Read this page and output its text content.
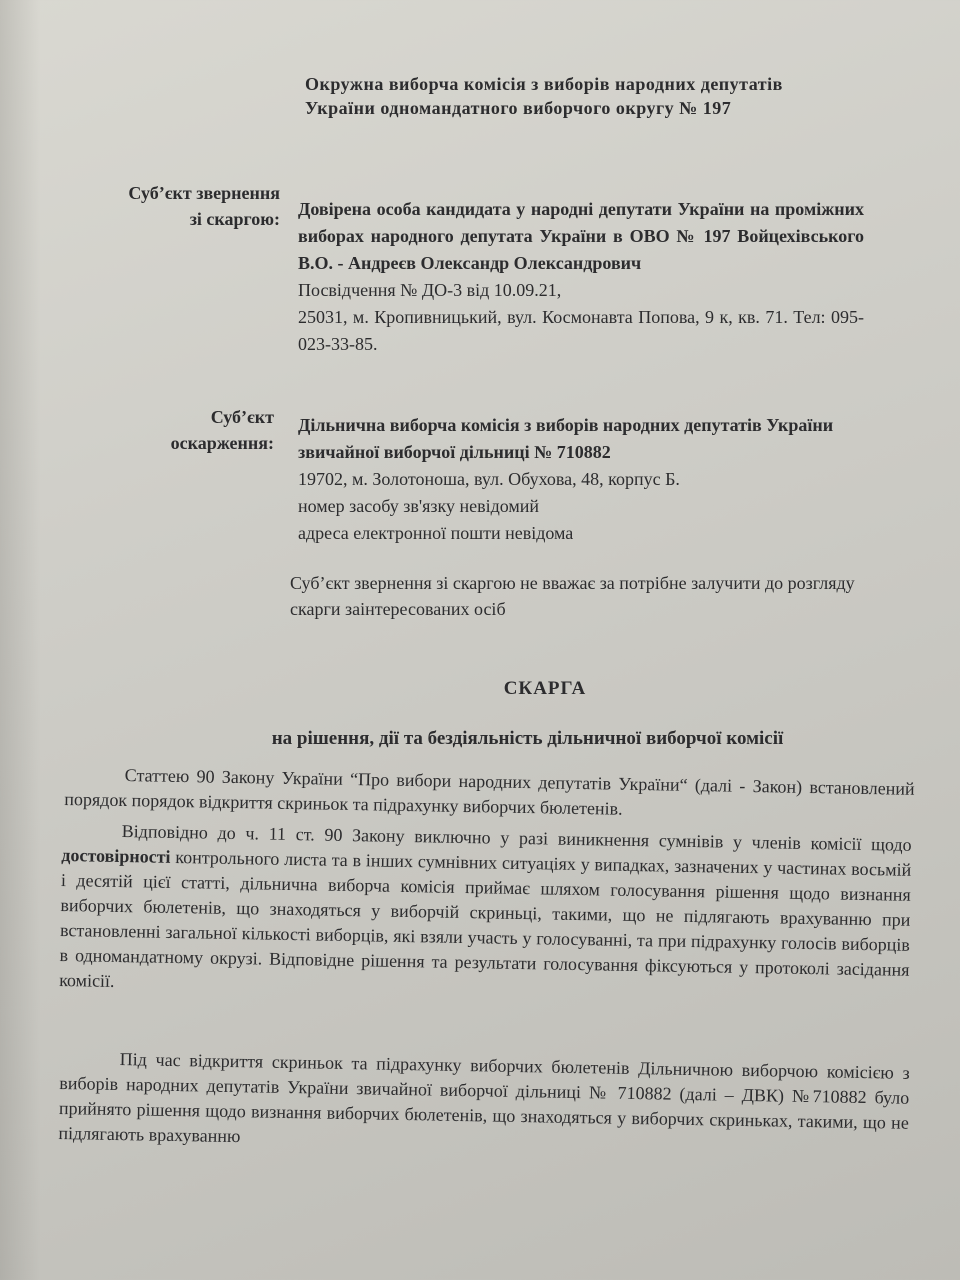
Окружна виборча комісія з виборів народних депутатів
України одномандатного виборчого округу № 197
Суб’єкт звернення
зі скаргою: Довірена особа кандидата у народні депутати України на проміжних виборах народного депутата України в ОВО № 197 Войцехівського В.О. - Андреєв Олександр Олександрович
Посвідчення № ДО-3 від 10.09.21,
25031, м. Кропивницький, вул. Космонавта Попова, 9 к, кв. 71. Тел: 095-023-33-85.
Суб’єкт
оскарження:
Дільнична виборча комісія з виборів народних депутатів України звичайної виборчої дільниці № 710882
19702, м. Золотоноша, вул. Обухова, 48, корпус Б.
номер засобу зв'язку невідомий
адреса електронної пошти невідома
Суб’єкт звернення зі скаргою не вважає за потрібне залучити до розгляду скарги заінтересованих осіб
СКАРГА
на рішення, дії та бездіяльність дільничної виборчої комісії

Статтею 90 Закону України “Про вибори народних депутатів України“ (далі - Закон) встановлений порядок порядок відкриття скриньок та підрахунку виборчих бюлетенів.

Відповідно до ч. 11 ст. 90 Закону виключно у разі виникнення сумнівів у членів комісії щодо достовірності контрольного листа та в інших сумнівних ситуаціях у випадках, зазначених у частинах восьмій і десятій цієї статті, дільнична виборча комісія приймає шляхом голосування рішення щодо визнання виборчих бюлетенів, що знаходяться у виборчій скриньці, такими, що не підлягають врахуванню при встановленні загальної кількості виборців, які взяли участь у голосуванні, та при підрахунку голосів виборців в одномандатному окрузі. Відповідне рішення та результати голосування фіксуються у протоколі засідання комісії.

Під час відкриття скриньок та підрахунку виборчих бюлетенів Дільничною виборчою комісією з виборів народних депутатів України звичайної виборчої дільниці № 710882 (далі – ДВК) №710882 було прийнято рішення щодо визнання виборчих бюлетенів, що знаходяться у виборчих скриньках, такими, що не підлягають врахуванню
